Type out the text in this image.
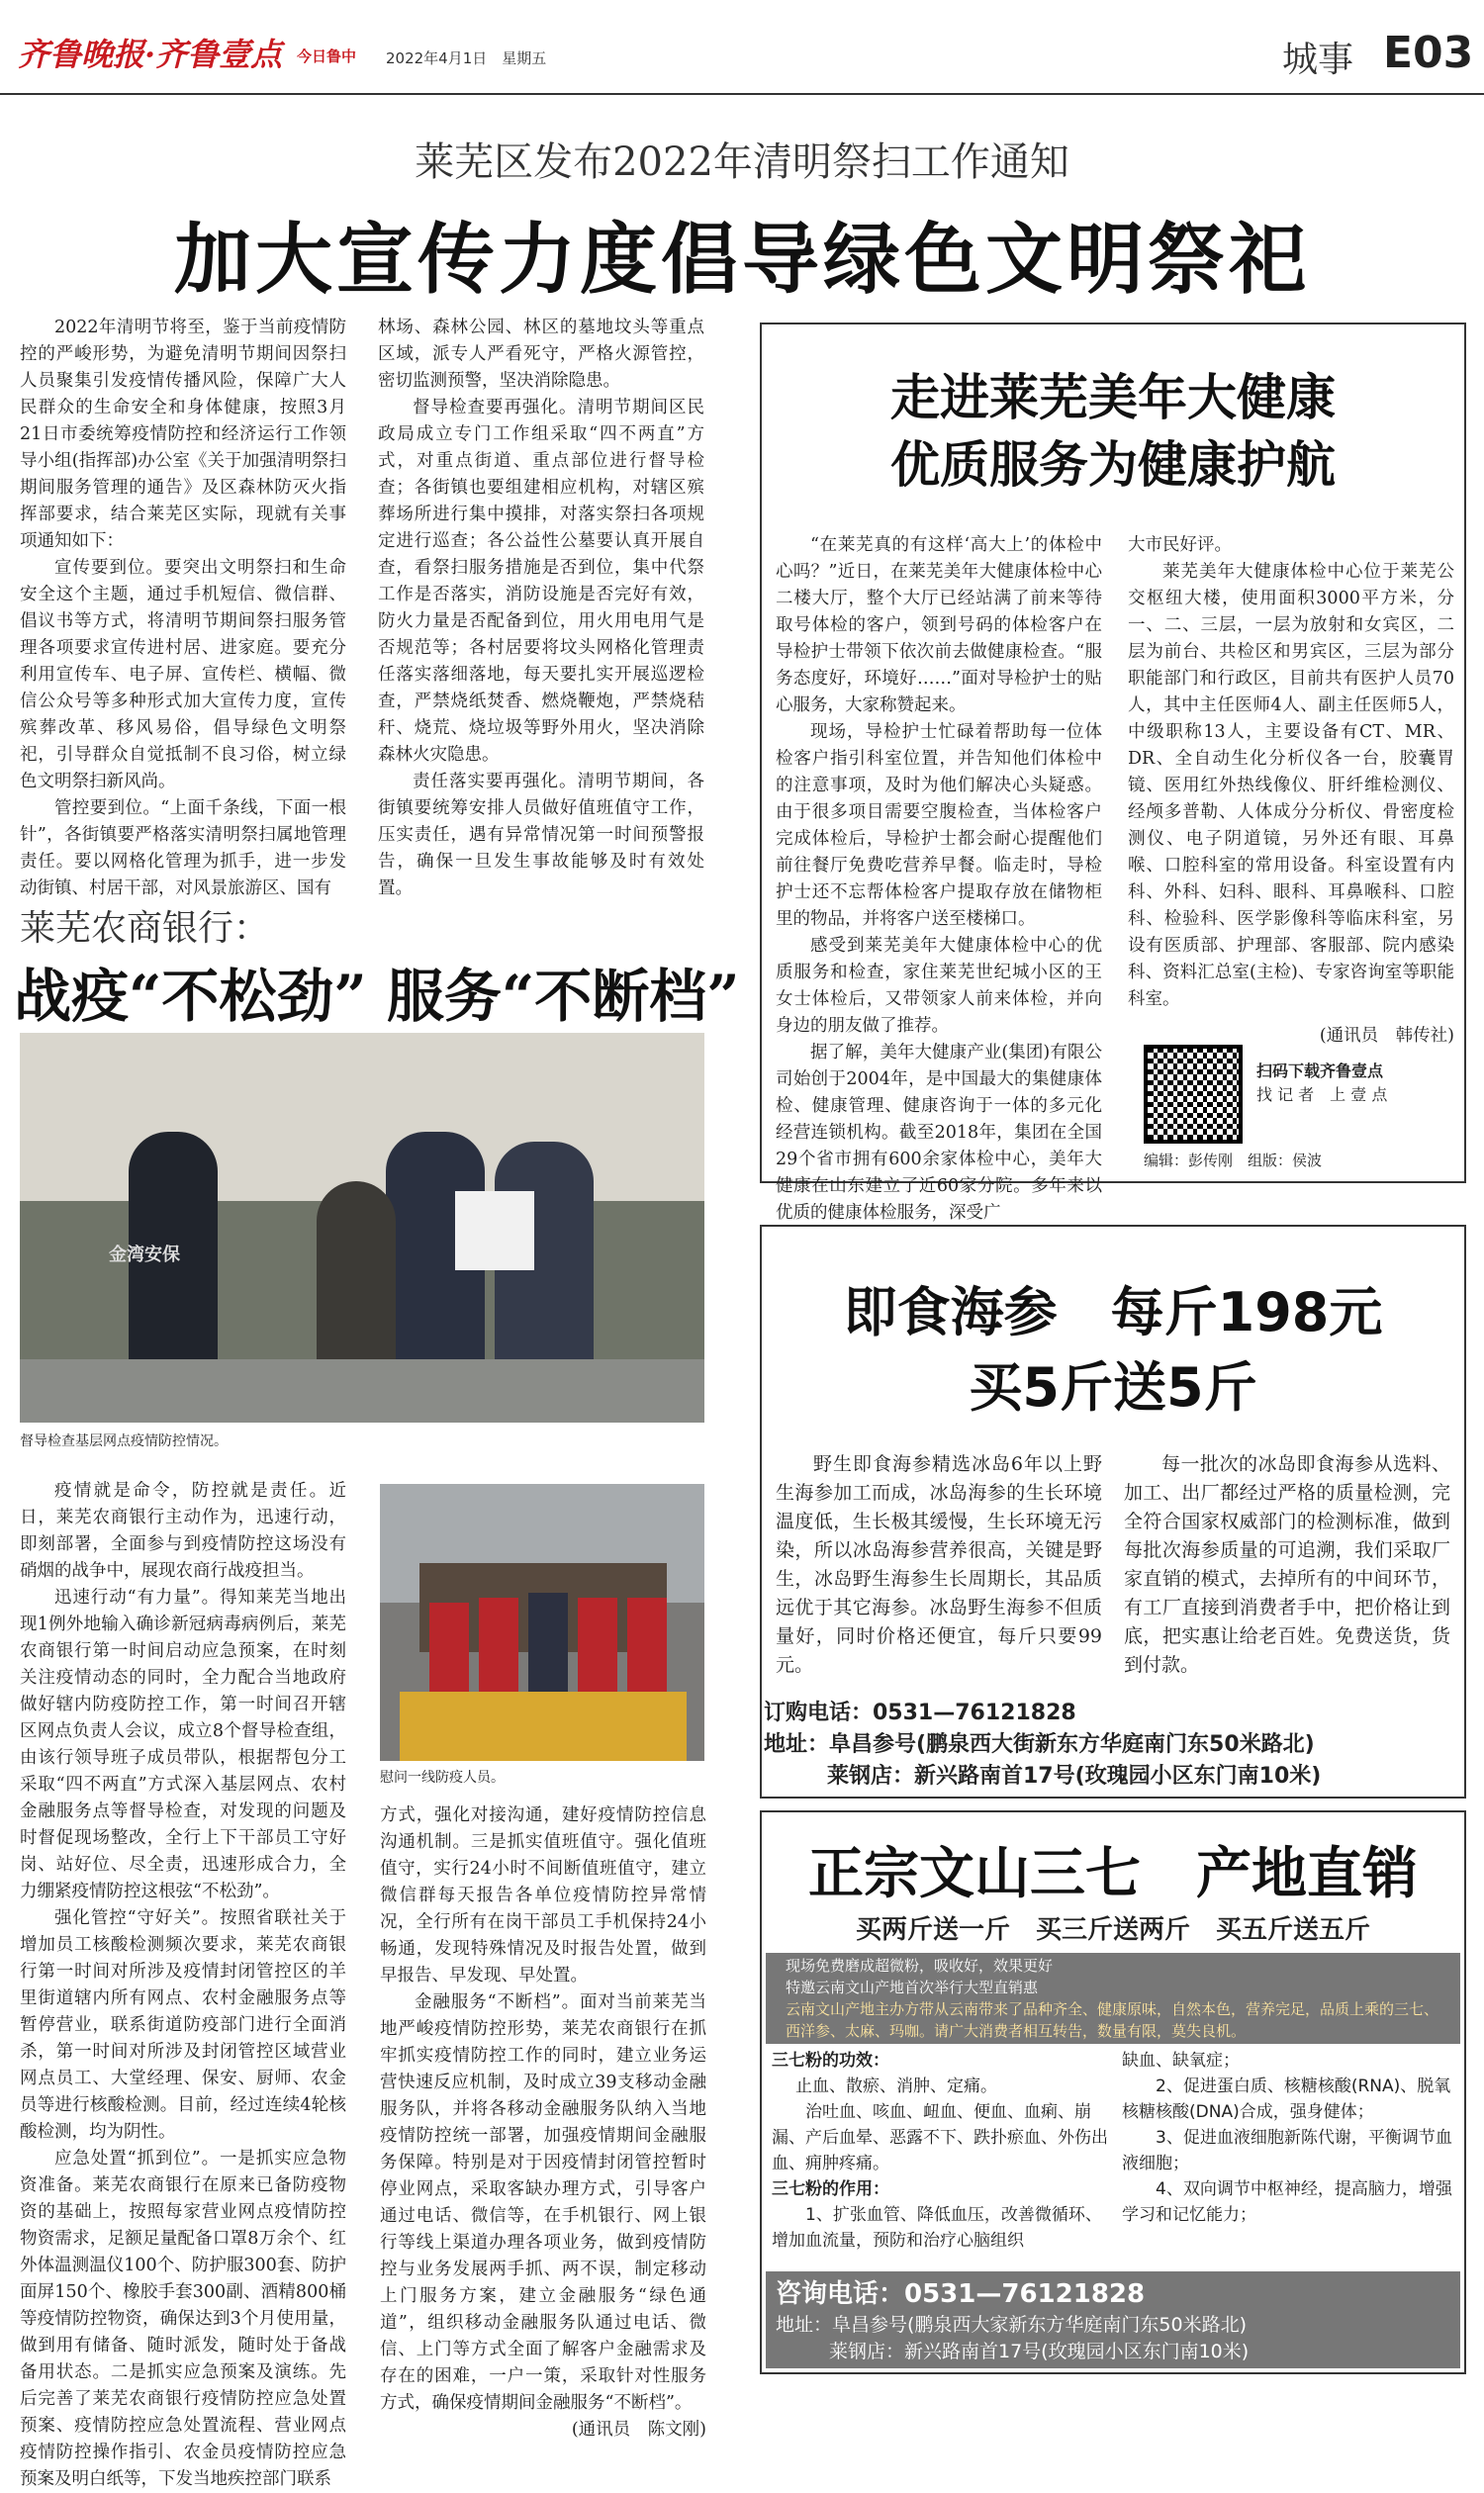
齐鲁晚报·齐鲁壹点 今日鲁中 2022年4月1日　星期五	城事 E03
莱芜区发布2022年清明祭扫工作通知
加大宣传力度倡导绿色文明祭祀

2022年清明节将至，鉴于当前疫情防控的严峻形势，为避免清明节期间因祭扫人员聚集引发疫情传播风险，保障广大人民群众的生命安全和身体健康，按照3月21日市委统筹疫情防控和经济运行工作领导小组(指挥部)办公室《关于加强清明祭扫期间服务管理的通告》及区森林防灭火指挥部要求，结合莱芜区实际，现就有关事项通知如下：

宣传要到位。要突出文明祭扫和生命安全这个主题，通过手机短信、微信群、倡议书等方式，将清明节期间祭扫服务管理各项要求宣传进村居、进家庭。要充分利用宣传车、电子屏、宣传栏、横幅、微信公众号等多种形式加大宣传力度，宣传殡葬改革、移风易俗，倡导绿色文明祭祀，引导群众自觉抵制不良习俗，树立绿色文明祭扫新风尚。

管控要到位。“上面千条线，下面一根针”，各街镇要严格落实清明祭扫属地管理责任。要以网格化管理为抓手，进一步发动街镇、村居干部，对风景旅游区、国有

林场、森林公园、林区的墓地坟头等重点区域，派专人严看死守，严格火源管控，密切监测预警，坚决消除隐患。

督导检查要再强化。清明节期间区民政局成立专门工作组采取“四不两直”方式，对重点街道、重点部位进行督导检查；各街镇也要组建相应机构，对辖区殡葬场所进行集中摸排，对落实祭扫各项规定进行巡查；各公益性公墓要认真开展自查，看祭扫服务措施是否到位，集中代祭工作是否落实，消防设施是否完好有效，防火力量是否配备到位，用火用电用气是否规范等；各村居要将坟头网格化管理责任落实落细落地，每天要扎实开展巡逻检查，严禁烧纸焚香、燃烧鞭炮，严禁烧秸秆、烧荒、烧垃圾等野外用火，坚决消除森林火灾隐患。

责任落实要再强化。清明节期间，各街镇要统筹安排人员做好值班值守工作，压实责任，遇有异常情况第一时间预警报告，确保一旦发生事故能够及时有效处置。

走进莱芜美年大健康
优质服务为健康护航

“在莱芜真的有这样‘高大上’的体检中心吗？”近日，在莱芜美年大健康体检中心二楼大厅，整个大厅已经站满了前来等待取号体检的客户，领到号码的体检客户在导检护士带领下依次前去做健康检查。“服务态度好，环境好……”面对导检护士的贴心服务，大家称赞起来。

现场，导检护士忙碌着帮助每一位体检客户指引科室位置，并告知他们体检中的注意事项，及时为他们解决心头疑惑。由于很多项目需要空腹检查，当体检客户完成体检后，导检护士都会耐心提醒他们前往餐厅免费吃营养早餐。临走时，导检护士还不忘帮体检客户提取存放在储物柜里的物品，并将客户送至楼梯口。

感受到莱芜美年大健康体检中心的优质服务和检查，家住莱芜世纪城小区的王女士体检后，又带领家人前来体检，并向身边的朋友做了推荐。

据了解，美年大健康产业(集团)有限公司始创于2004年，是中国最大的集健康体检、健康管理、健康咨询于一体的多元化经营连锁机构。截至2018年，集团在全国29个省市拥有600余家体检中心，美年大健康在山东建立了近60家分院。多年来以优质的健康体检服务，深受广

大市民好评。

莱芜美年大健康体检中心位于莱芜公交枢纽大楼，使用面积3000平方米，分一、二、三层，一层为放射和女宾区，二层为前台、共检区和男宾区，三层为部分职能部门和行政区，目前共有医护人员70人，其中主任医师4人、副主任医师5人，中级职称13人，主要设备有CT、MR、DR、全自动生化分析仪各一台，胶囊胃镜、医用红外热线像仪、肝纤维检测仪、经颅多普勒、人体成分分析仪、骨密度检测仪、电子阴道镜，另外还有眼、耳鼻喉、口腔科室的常用设备。科室设置有内科、外科、妇科、眼科、耳鼻喉科、口腔科、检验科、医学影像科等临床科室，另设有医质部、护理部、客服部、院内感染科、资料汇总室(主检)、专家咨询室等职能科室。

(通讯员　韩传社)

扫码下载齐鲁壹点
找 记 者　上 壹 点
编辑：彭传刚　组版：侯波
莱芜农商银行：
战疫“不松劲” 服务“不断档”
金湾安保
督导检查基层网点疫情防控情况。
慰问一线防疫人员。

疫情就是命令，防控就是责任。近日，莱芜农商银行主动作为，迅速行动，即刻部署，全面参与到疫情防控这场没有硝烟的战争中，展现农商行战疫担当。

迅速行动“有力量”。得知莱芜当地出现1例外地输入确诊新冠病毒病例后，莱芜农商银行第一时间启动应急预案，在时刻关注疫情动态的同时，全力配合当地政府做好辖内防疫防控工作，第一时间召开辖区网点负责人会议，成立8个督导检查组，由该行领导班子成员带队，根据帮包分工采取“四不两直”方式深入基层网点、农村金融服务点等督导检查，对发现的问题及时督促现场整改，全行上下干部员工守好岗、站好位、尽全责，迅速形成合力，全力绷紧疫情防控这根弦“不松劲”。

强化管控“守好关”。按照省联社关于增加员工核酸检测频次要求，莱芜农商银行第一时间对所涉及疫情封闭管控区的羊里街道辖内所有网点、农村金融服务点等暂停营业，联系街道防疫部门进行全面消杀，第一时间对所涉及封闭管控区域营业网点员工、大堂经理、保安、厨师、农金员等进行核酸检测。目前，经过连续4轮核酸检测，均为阴性。

应急处置“抓到位”。一是抓实应急物资准备。莱芜农商银行在原来已备防疫物资的基础上，按照每家营业网点疫情防控物资需求，足额足量配备口罩8万余个、红外体温测温仪100个、防护服300套、防护面屏150个、橡胶手套300副、酒精800桶等疫情防控物资，确保达到3个月使用量，做到用有储备、随时派发，随时处于备战备用状态。二是抓实应急预案及演练。先后完善了莱芜农商银行疫情防控应急处置预案、疫情防控应急处置流程、营业网点疫情防控操作指引、农金员疫情防控应急预案及明白纸等，下发当地疾控部门联系

方式，强化对接沟通，建好疫情防控信息沟通机制。三是抓实值班值守。强化值班值守，实行24小时不间断值班值守，建立微信群每天报告各单位疫情防控异常情况，全行所有在岗干部员工手机保持24小畅通，发现特殊情况及时报告处置，做到早报告、早发现、早处置。

金融服务“不断档”。面对当前莱芜当地严峻疫情防控形势，莱芜农商银行在抓牢抓实疫情防控工作的同时，建立业务运营快速反应机制，及时成立39支移动金融服务队，并将各移动金融服务队纳入当地疫情防控统一部署，加强疫情期间金融服务保障。特别是对于因疫情封闭管控暂时停业网点，采取客缺办理方式，引导客户通过电话、微信等，在手机银行、网上银行等线上渠道办理各项业务，做到疫情防控与业务发展两手抓、两不误，制定移动上门服务方案，建立金融服务“绿色通道”，组织移动金融服务队通过电话、微信、上门等方式全面了解客户金融需求及存在的困难，一户一策，采取针对性服务方式，确保疫情期间金融服务“不断档”。

(通讯员　陈文刚)

即食海参　每斤198元
买5斤送5斤

野生即食海参精选冰岛6年以上野生海参加工而成，冰岛海参的生长环境温度低，生长极其缓慢，生长环境无污染，所以冰岛海参营养很高，关键是野生，冰岛野生海参生长周期长，其品质远优于其它海参。冰岛野生海参不但质量好，同时价格还便宜，每斤只要99元。

每一批次的冰岛即食海参从选料、加工、出厂都经过严格的质量检测，完全符合国家权威部门的检测标准，做到每批次海参质量的可追溯，我们采取厂家直销的模式，去掉所有的中间环节，有工厂直接到消费者手中，把价格让到底，把实惠让给老百姓。免费送货，货到付款。

订购电话：0531—76121828
地址：阜昌参号(鹏泉西大街新东方华庭南门东50米路北)
莱钢店：新兴路南首17号(玫瑰园小区东门南10米)
正宗文山三七　产地直销
买两斤送一斤　买三斤送两斤　买五斤送五斤
现场免费磨成超微粉，吸收好，效果更好
特邀云南文山产地首次举行大型直销惠
云南文山产地主办方带从云南带来了品种齐全、健康原味，自然本色，营养完足，品质上乘的三七、西洋参、太麻、玛咖。请广大消费者相互转告，数量有限，莫失良机。
三七粉的功效：
止血、散瘀、消肿、定痛。
治吐血、咳血、衄血、便血、血痢、崩漏、产后血晕、恶露不下、跌扑瘀血、外伤出血、痈肿疼痛。
三七粉的作用：
1、扩张血管、降低血压，改善微循环、增加血流量，预防和治疗心脑组织
缺血、缺氧症；
2、促进蛋白质、核糖核酸(RNA)、脱氧核糖核酸(DNA)合成，强身健体；
3、促进血液细胞新陈代谢，平衡调节血液细胞；
4、双向调节中枢神经，提高脑力，增强学习和记忆能力；
咨询电话：0531—76121828
地址：阜昌参号(鹏泉西大家新东方华庭南门东50米路北)
莱钢店：新兴路南首17号(玫瑰园小区东门南10米)
